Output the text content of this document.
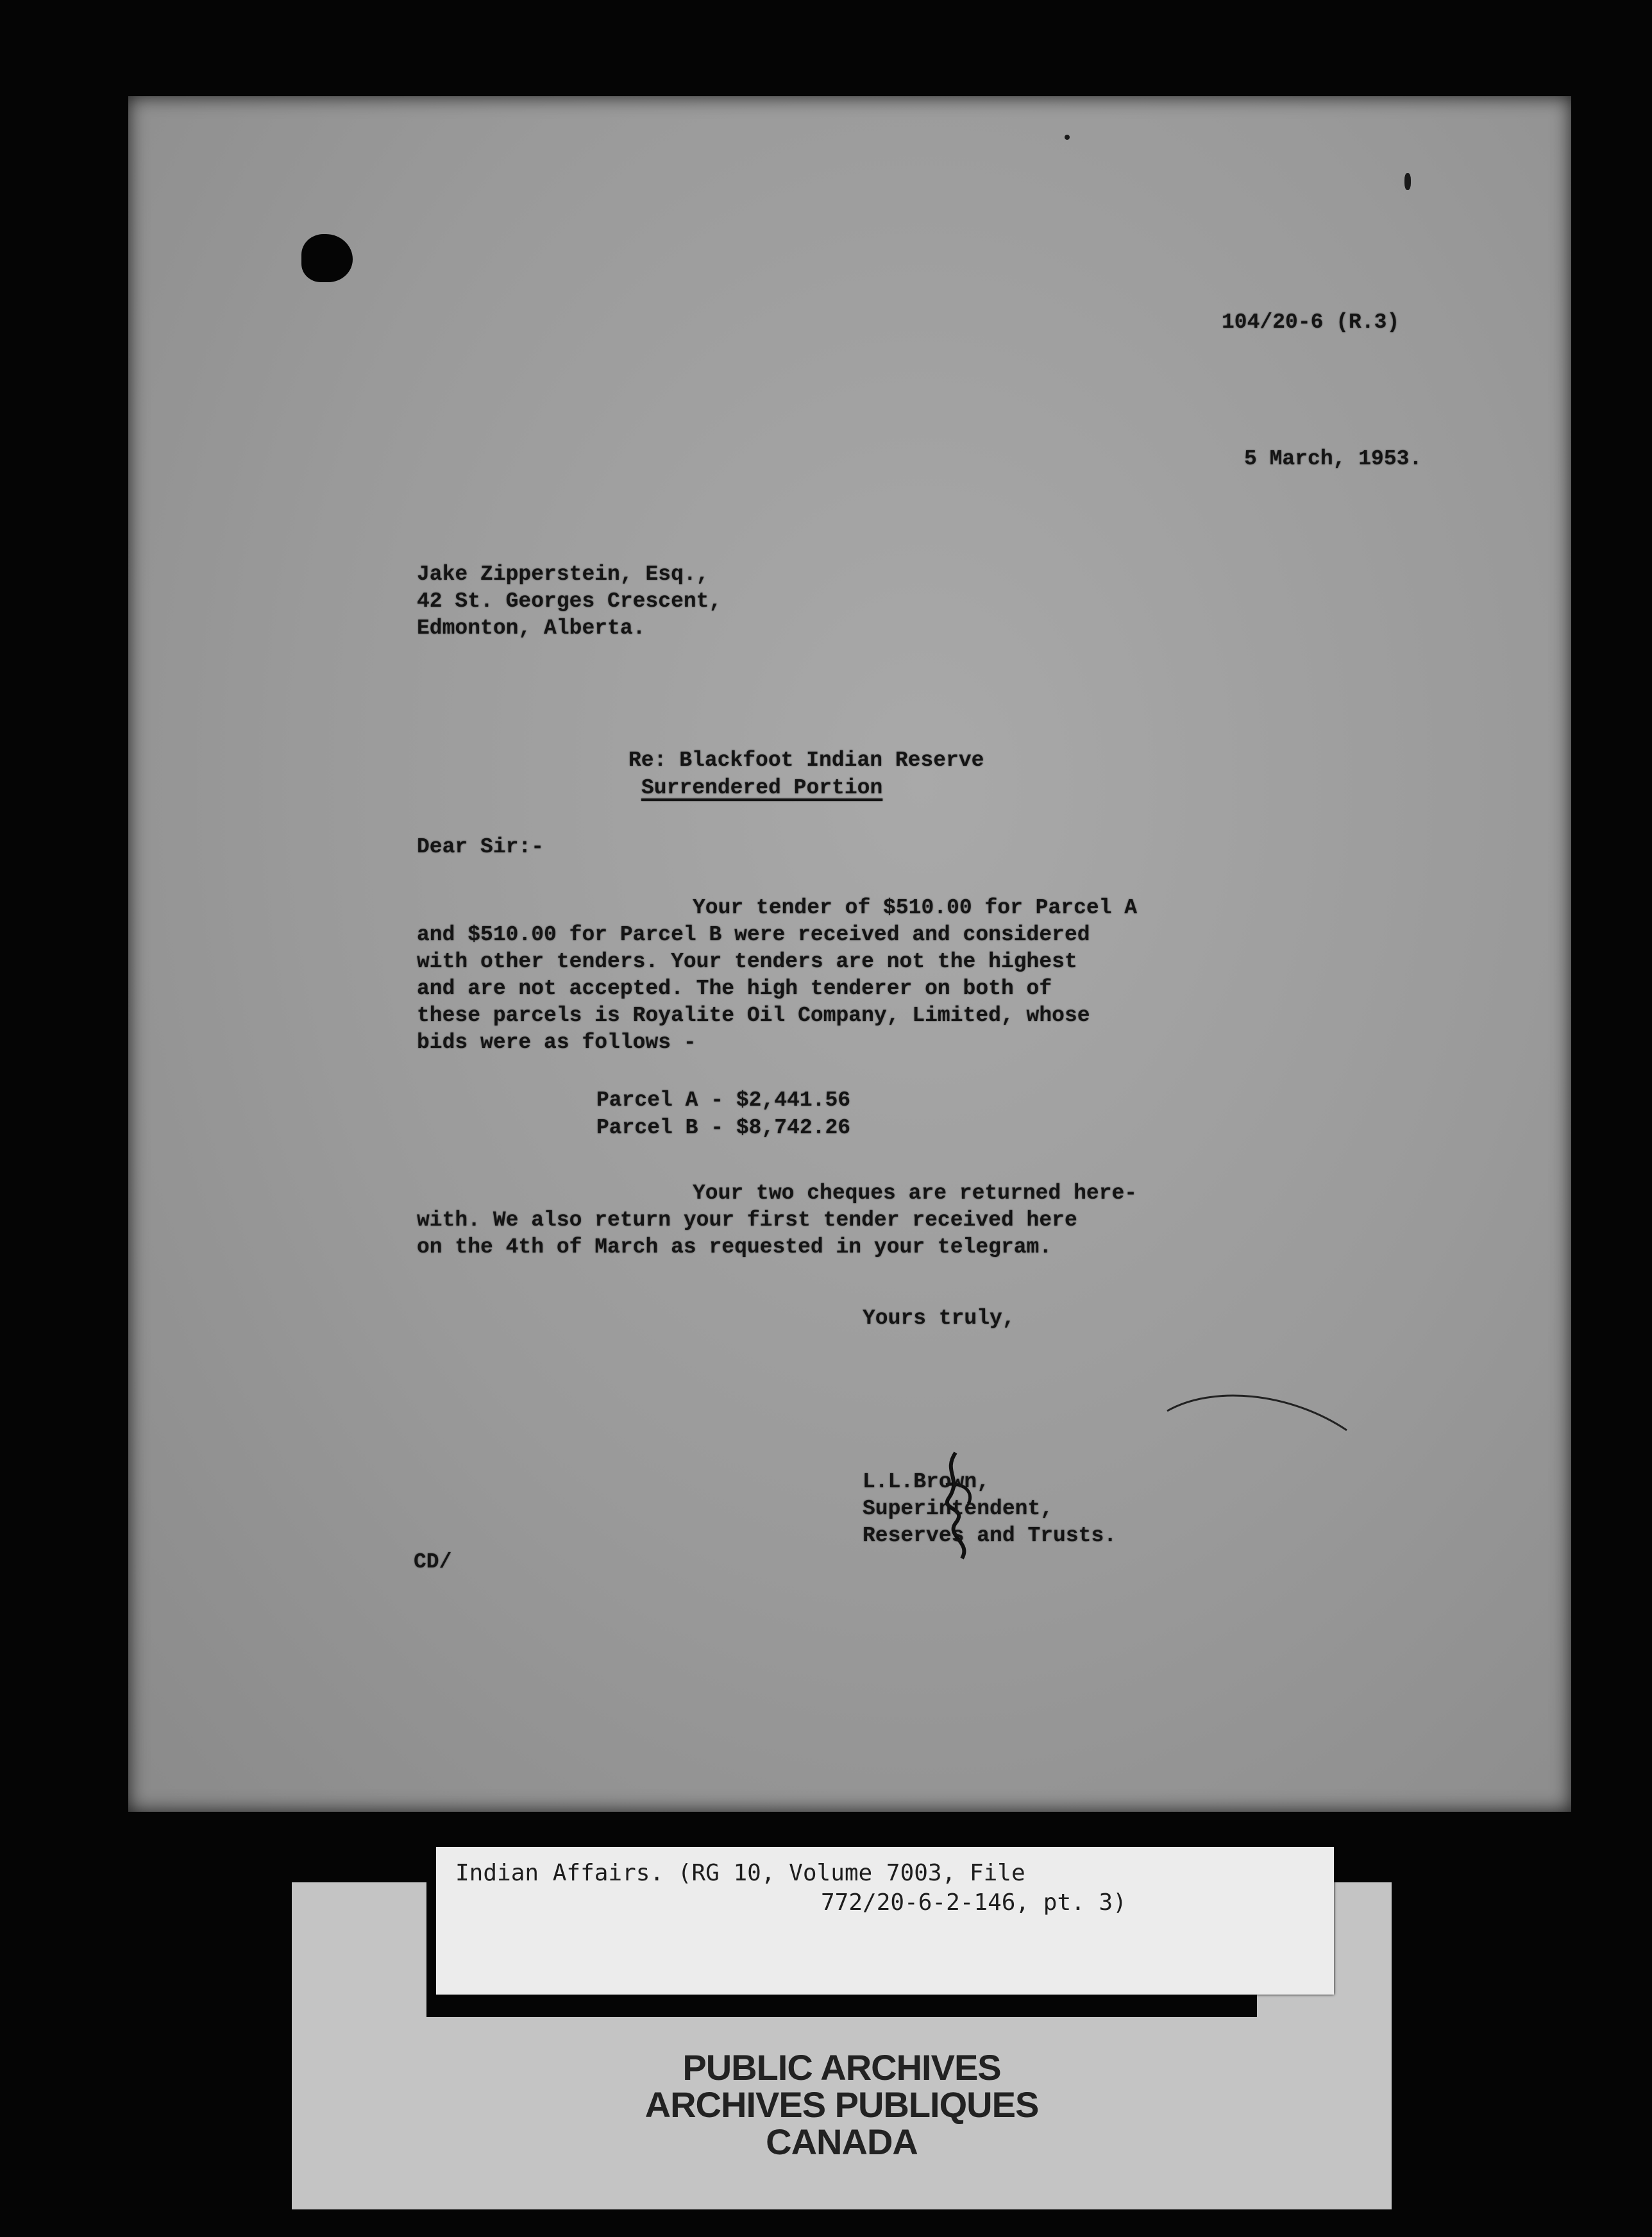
104/20-6 (R.3)
5 March, 1953.
Jake Zipperstein, Esq.,
42 St. Georges Crescent,
Edmonton, Alberta.
Re: Blackfoot Indian Reserve
Surrendered Portion
Dear Sir:-
Your tender of $510.00 for Parcel A
and $510.00 for Parcel B were received and considered
with other tenders. Your tenders are not the highest
and are not accepted. The high tenderer on both of
these parcels is Royalite Oil Company, Limited, whose
bids were as follows -
Parcel A - $2,441.56
Parcel B - $8,742.26
Your two cheques are returned here-
with. We also return your first tender received here
on the 4th of March as requested in your telegram.
Yours truly,
L.L.Brown,
Superintendent,
Reserves and Trusts.
CD/
PUBLIC ARCHIVES
ARCHIVES PUBLIQUES
CANADA
Indian Affairs. (RG 10, Volume 7003, File
772/20-6-2-146, pt. 3)
